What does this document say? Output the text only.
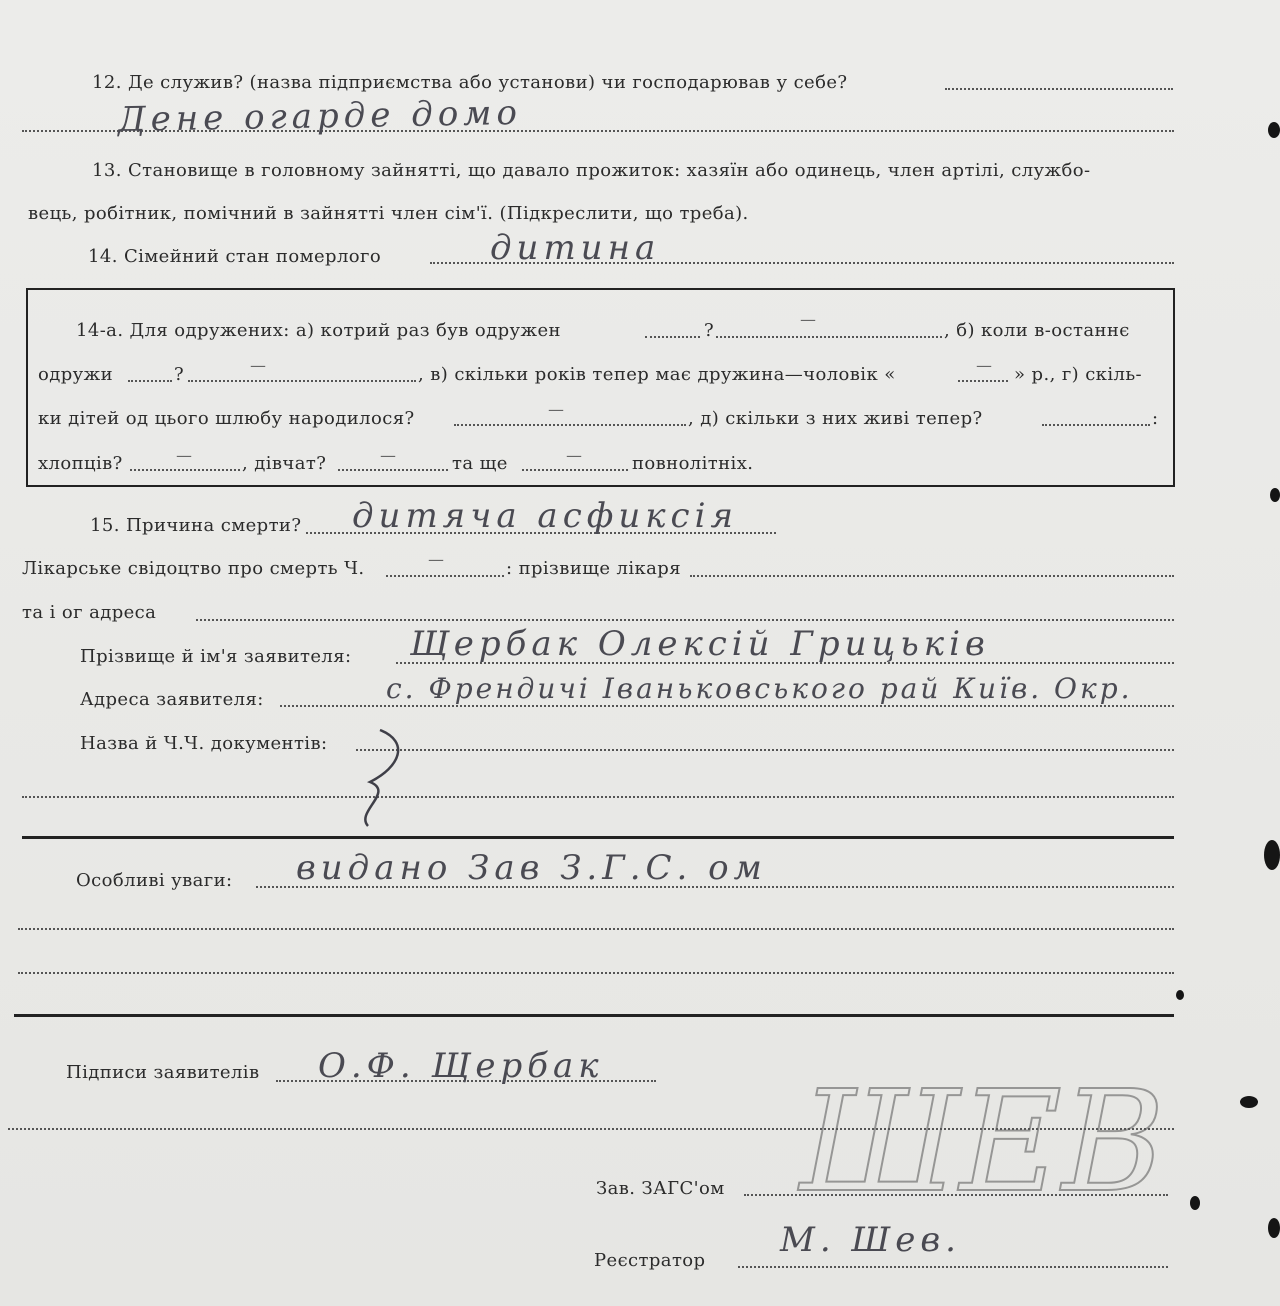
12. Де служив? (назва підприємства або установи) чи господарював у себе?
Дене огарде домо
13. Становище в головному зайнятті, що давало прожиток: хазяїн або одинець, член артілі, службо-
вець, робітник, помічний в зайнятті член сім'ї. (Підкреслити, що треба).
14. Сімейний стан померлого	дитина
14-а. Для одружених: а) котрий раз був одружен	?
—
, б) коли в-останнє
одружи	?	—	, в) скільки років тепер має дружина—чоловік «	— » р., г) скіль-
ки дітей од цього шлюбу народилося?	—	, д) скільки з них живі тепер?	:
хлопців?	—	, дівчат?	—	та ще	—	повнолітніх.
15. Причина смерти? дитяча асфиксія
Лікарське свідоцтво про смерть Ч.	—	: прізвище лікаря
та і ог адреса
Прізвище й ім'я заявителя: Щербак Олексій Грицьків
Адреса заявителя:	с. Френдичі Іваньковського рай Київ. Окр.
Назва й Ч.Ч. документів:
Особливі уваги: видано Зав З.Г.С. ом
Підписи заявителів О.Ф. Щербак
Зав. ЗАГС'ом
Реєстратор
М. Шев.
ШЕВ
